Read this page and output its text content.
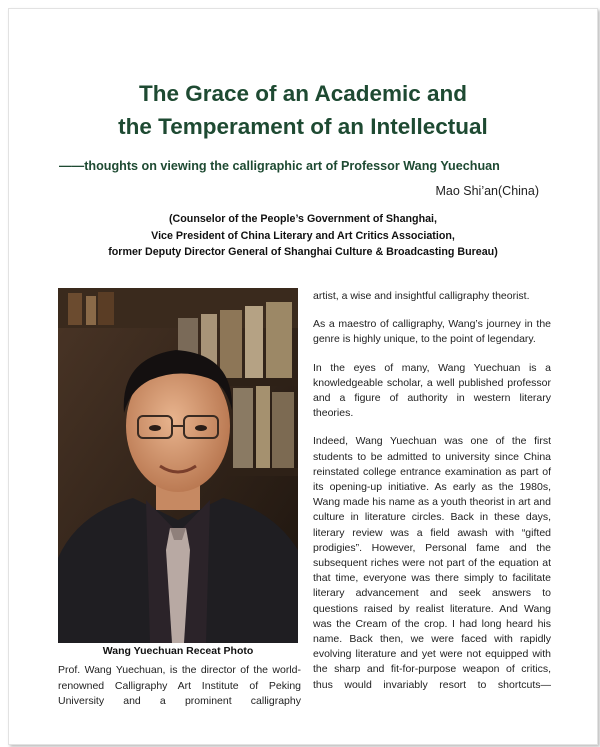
The Grace of an Academic and
the Temperament of an Intellectual
——thoughts on viewing the calligraphic art of Professor Wang Yuechuan
Mao Shi’an(China)
(Counselor of the People’s Government of Shanghai,
Vice President of China Literary and Art Critics Association,
former Deputy Director General of Shanghai Culture & Broadcasting Bureau)
Wang Yuechuan Receat Photo
Prof. Wang Yuechuan, is the director of the world-renowned Calligraphy Art Institute of Peking University and a prominent calligraphy

artist, a wise and insightful calligraphy theorist.

As a maestro of calligraphy, Wang’s journey in the genre is highly unique, to the point of legendary.

In the eyes of many, Wang Yuechuan is a knowledgeable scholar, a well published professor and a figure of authority in western literary theories.

Indeed, Wang Yuechuan was one of the first students to be admitted to university since China reinstated college entrance examination as part of its opening-up initiative. As early as the 1980s, Wang made his name as a youth theorist in art and culture in literature circles. Back in these days, literary review was a field awash with “gifted prodigies”. However, Personal fame and the subsequent riches were not part of the equation at that time, everyone was there simply to facilitate literary advancement and seek answers to questions raised by realist literature. And Wang was the Cream of the crop. I had long heard his name. Back then, we were faced with rapidly evolving literature and yet were not equipped with the sharp and fit-for-purpose weapon of critics, thus would invariably resort to shortcuts—
